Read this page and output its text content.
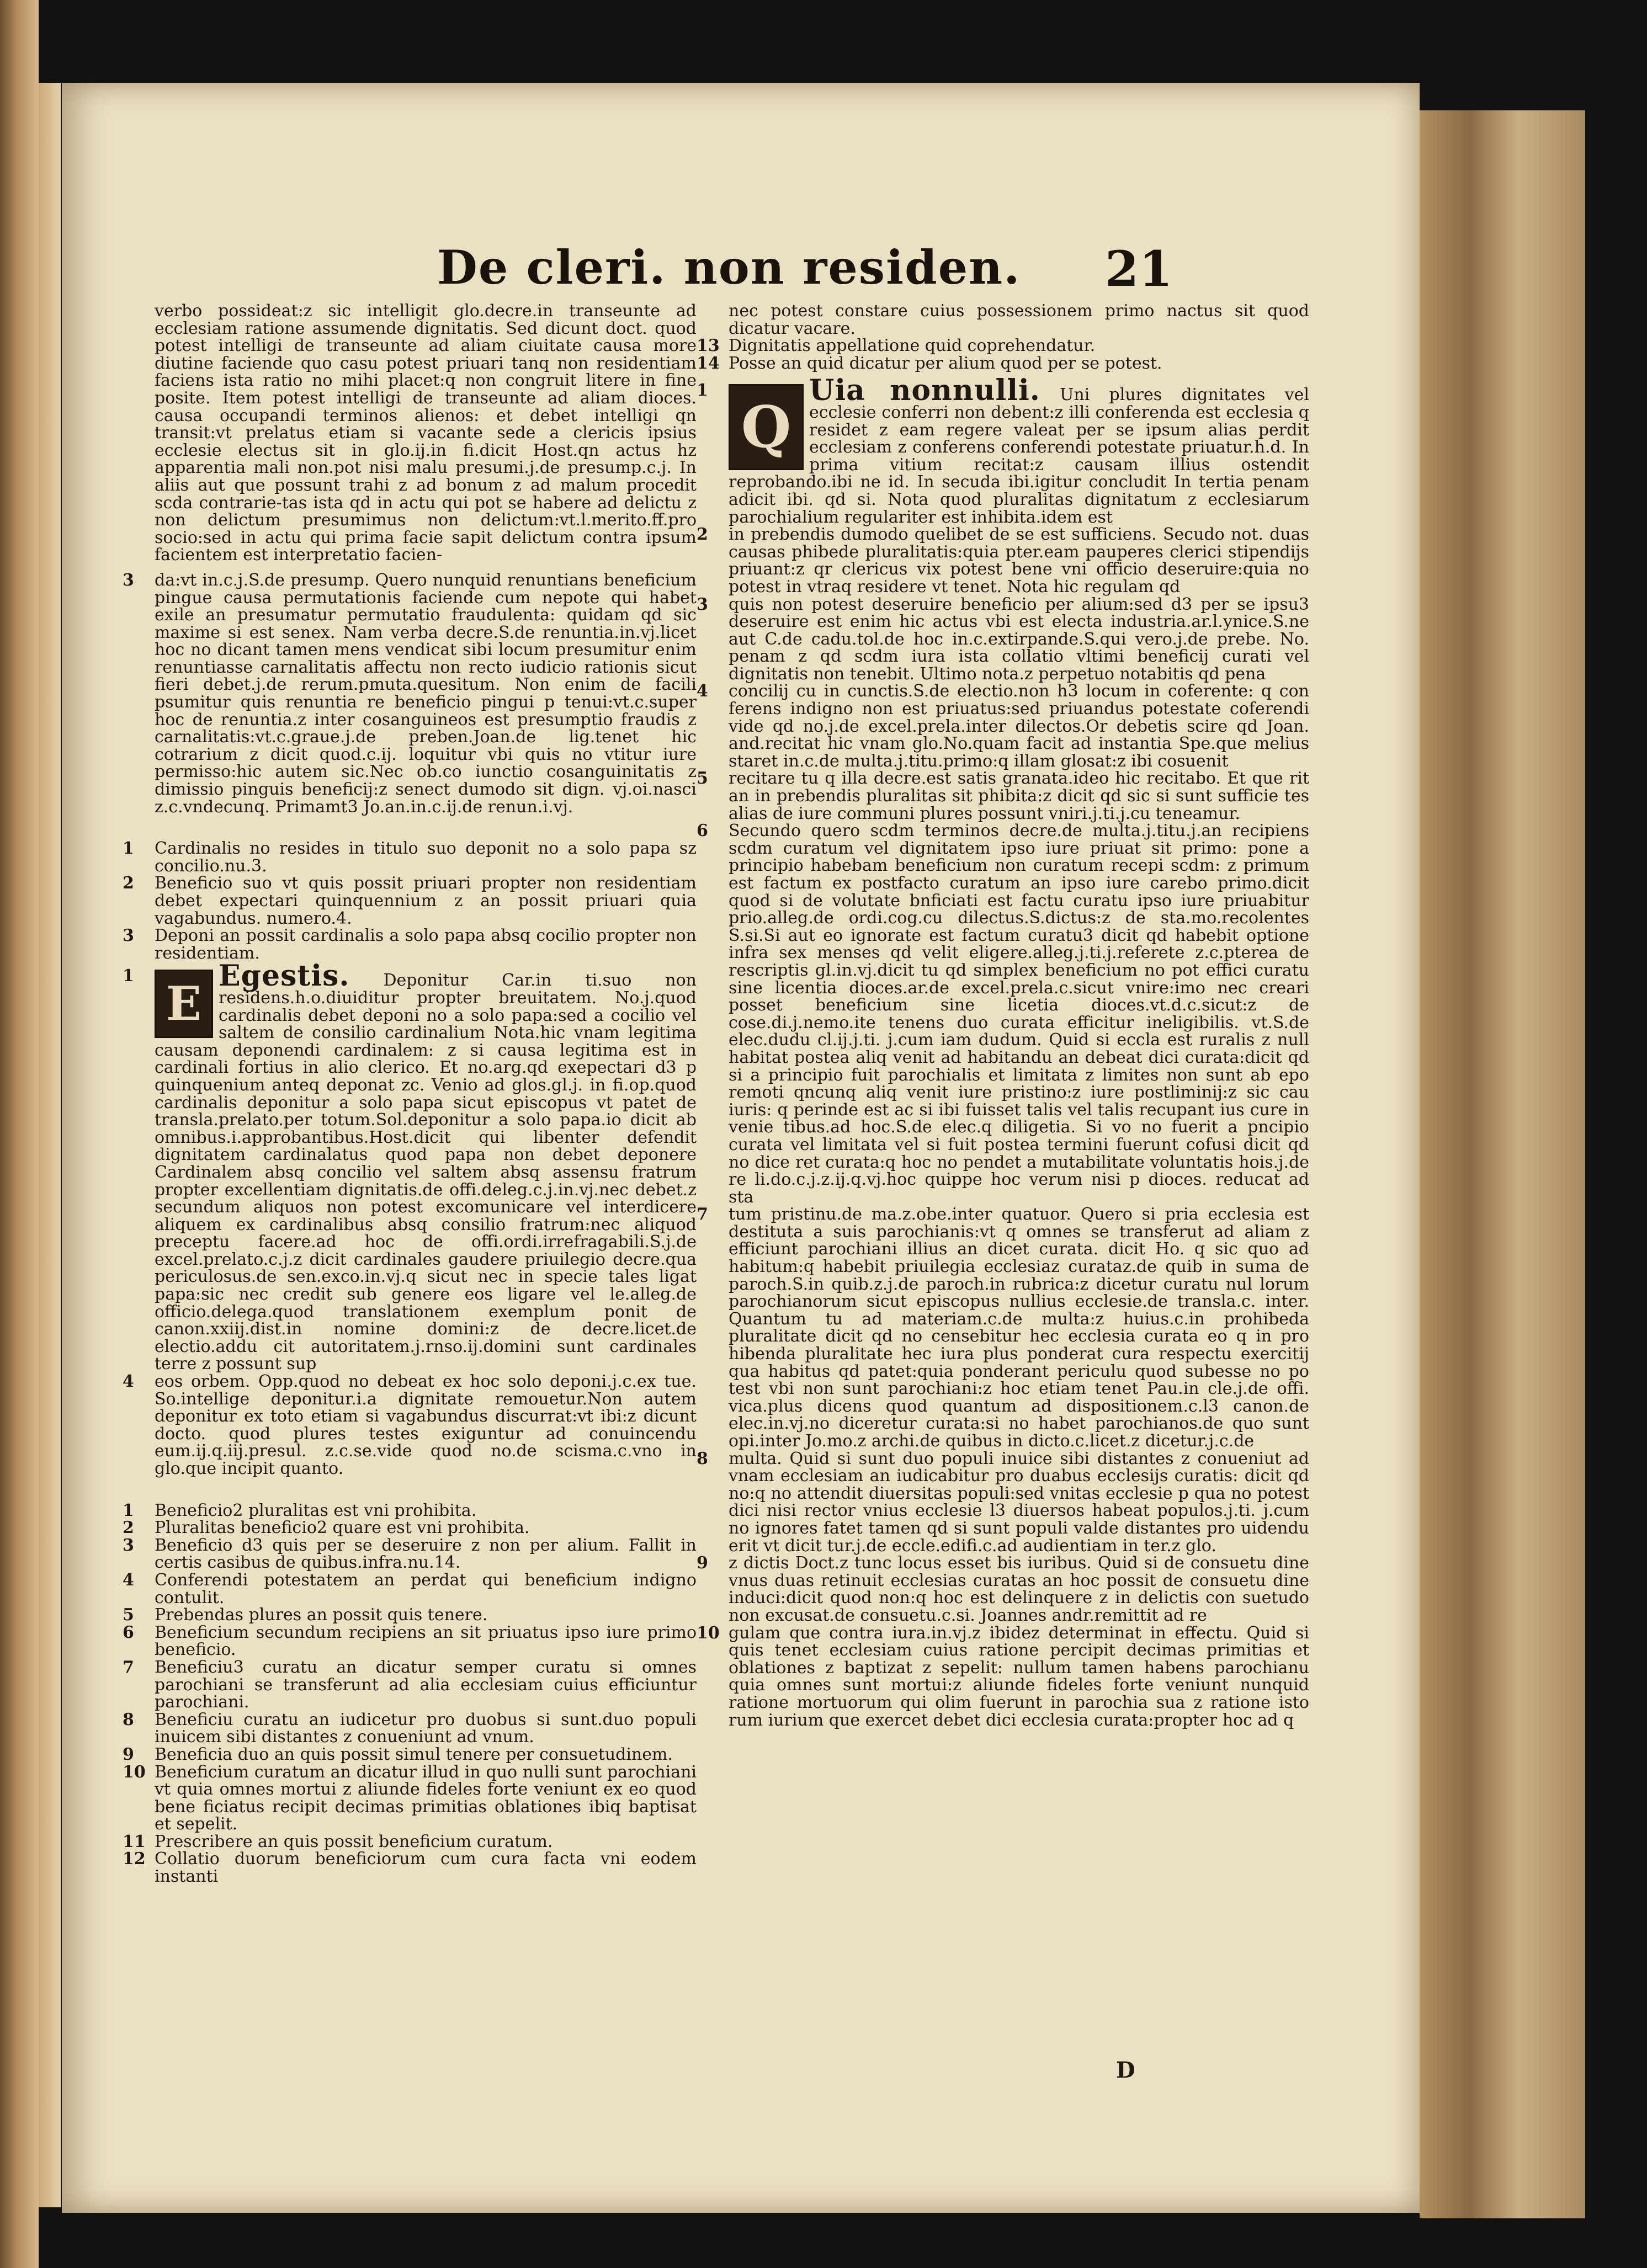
De cleri. non residen. 21
verbo possideat:z sic intelligit glo.decre.in transeunte ad ecclesiam ratione assumende dignitatis. Sed dicunt doct. quod potest intelligi de transeunte ad aliam ciuitate causa more diutine faciende quo casu potest priuari tanq non residentiam faciens ista ratio no mihi placet:q non congruit litere in fine posite. Item potest intelligi de transeunte ad aliam dioces. causa occupandi terminos alienos: et debet intelligi qn transit:vt prelatus etiam si vacante sede a clericis ipsius ecclesie electus sit in glo.ij.in fi.dicit Host.qn actus hz apparentia mali non.pot nisi malu presumi.j.de presump.c.j. In aliis aut que possunt trahi z ad bonum z ad malum procedit scda contrarie-tas ista qd in actu qui pot se habere ad delictu z non delictum presumimus non delictum:vt.l.merito.ff.pro socio:sed in actu qui prima facie sapit delictum contra ipsum facientem est interpretatio facien-
3	da:vt in.c.j.S.de presump. Quero nunquid renuntians beneficium pingue causa permutationis faciende cum nepote qui habet exile an presumatur permutatio fraudulenta: quidam qd sic maxime si est senex. Nam verba decre.S.de renuntia.in.vj.licet hoc no dicant tamen mens vendicat sibi locum presumitur enim renuntiasse carnalitatis affectu non recto iudicio rationis sicut fieri debet.j.de rerum.pmuta.quesitum. Non enim de facili psumitur quis renuntia re beneficio pingui p tenui:vt.c.super hoc de renuntia.z inter cosanguineos est presumptio fraudis z carnalitatis:vt.c.graue.j.de preben.Joan.de lig.tenet hic cotrarium z dicit quod.c.ij. loquitur vbi quis no vtitur iure permisso:hic autem sic.Nec ob.co iunctio cosanguinitatis z dimissio pinguis beneficij:z senect dumodo sit dign. vj.oi.nasci z.c.vndecunq. Primamt3 Jo.an.in.c.ij.de renun.i.vj.
1	Cardinalis no resides in titulo suo deponit no a solo papa sz concilio.nu.3.
2	Beneficio suo vt quis possit priuari propter non residentiam debet expectari quinquennium z an possit priuari quia vagabundus. numero.4.
3	Deponi an possit cardinalis a solo papa absq cocilio propter non residentiam.
1
E
Egestis. Deponitur Car.in ti.suo non residens.h.o.diuiditur propter breuitatem. No.j.quod cardinalis debet deponi no a solo papa:sed a cocilio vel saltem de consilio cardinalium Nota.hic vnam legitima causam deponendi cardinalem: z si causa legitima est in cardinali fortius in alio clerico. Et no.arg.qd exepectari d3 p quinquenium anteq deponat zc. Venio ad glos.gl.j. in fi.op.quod cardinalis deponitur a solo papa sicut episcopus vt patet de transla.prelato.per totum.Sol.deponitur a solo papa.io dicit ab omnibus.i.approbantibus.Host.dicit qui libenter defendit dignitatem cardinalatus quod papa non debet deponere Cardinalem absq concilio vel saltem absq assensu fratrum propter excellentiam dignitatis.de offi.deleg.c.j.in.vj.nec debet.z secundum aliquos non potest excomunicare vel interdicere aliquem ex cardinalibus absq consilio fratrum:nec aliquod preceptu facere.ad hoc de offi.ordi.irrefragabili.S.j.de excel.prelato.c.j.z dicit cardinales gaudere priuilegio decre.qua periculosus.de sen.exco.in.vj.q sicut nec in specie tales ligat papa:sic nec credit sub genere eos ligare vel le.alleg.de officio.delega.quod translationem exemplum ponit de canon.xxiij.dist.in nomine domini:z de decre.licet.de electio.addu cit autoritatem.j.rnso.ij.domini sunt cardinales terre z possunt sup
4	eos orbem. Opp.quod no debeat ex hoc solo deponi.j.c.ex tue. So.intellige deponitur.i.a dignitate remouetur.Non autem deponitur ex toto etiam si vagabundus discurrat:vt ibi:z dicunt docto. quod plures testes exiguntur ad conuincendu eum.ij.q.iij.presul. z.c.se.vide quod no.de scisma.c.vno in glo.que incipit quanto.
1	Beneficio2 pluralitas est vni prohibita.
2	Pluralitas beneficio2 quare est vni prohibita.
3	Beneficio d3 quis per se deseruire z non per alium. Fallit in certis casibus de quibus.infra.nu.14.
4	Conferendi potestatem an perdat qui beneficium indigno contulit.
5	Prebendas plures an possit quis tenere.
6	Beneficium secundum recipiens an sit priuatus ipso iure primo beneficio.
7	Beneficiu3 curatu an dicatur semper curatu si omnes parochiani se transferunt ad alia ecclesiam cuius efficiuntur parochiani.
8	Beneficiu curatu an iudicetur pro duobus si sunt.duo populi inuicem sibi distantes z conueniunt ad vnum.
9	Beneficia duo an quis possit simul tenere per consuetudinem.
10 Beneficium curatum an dicatur illud in quo nulli sunt parochiani vt quia omnes mortui z aliunde fideles forte veniunt ex eo quod bene ficiatus recipit decimas primitias oblationes ibiq baptisat et sepelit.
11 Prescribere an quis possit beneficium curatum.
12 Collatio duorum beneficiorum cum cura facta vni eodem instanti
nec potest constare cuius possessionem primo nactus sit quod dicatur vacare.
13 Dignitatis appellatione quid coprehendatur.
14 Posse an quid dicatur per alium quod per se potest.
1
Q
Uia nonnulli. Uni plures dignitates vel ecclesie conferri non debent:z illi conferenda est ecclesia q residet z eam regere valeat per se ipsum alias perdit ecclesiam z conferens conferendi potestate priuatur.h.d. In prima vitium recitat:z causam illius ostendit reprobando.ibi ne id. In secuda ibi.igitur concludit In tertia penam adicit ibi. qd si. Nota quod pluralitas dignitatum z ecclesiarum parochialium regulariter est inhibita.idem est
2	in prebendis dumodo quelibet de se est sufficiens. Secudo not. duas causas phibede pluralitatis:quia pter.eam pauperes clerici stipendijs priuant:z qr clericus vix potest bene vni officio deseruire:quia no potest in vtraq residere vt tenet. Nota hic regulam qd
3	quis non potest deseruire beneficio per alium:sed d3 per se ipsu3 deseruire est enim hic actus vbi est electa industria.ar.l.ynice.S.ne aut C.de cadu.tol.de hoc in.c.extirpande.S.qui vero.j.de prebe. No. penam z qd scdm iura ista collatio vltimi beneficij curati vel dignitatis non tenebit. Ultimo nota.z perpetuo notabitis qd pena
4	concilij cu in cunctis.S.de electio.non h3 locum in coferente: q con ferens indigno non est priuatus:sed priuandus potestate coferendi vide qd no.j.de excel.prela.inter dilectos.Or debetis scire qd Joan. and.recitat hic vnam glo.No.quam facit ad instantia Spe.que melius staret in.c.de multa.j.titu.primo:q illam glosat:z ibi cosuenit
5	recitare tu q illa decre.est satis granata.ideo hic recitabo. Et que rit an in prebendis pluralitas sit phibita:z dicit qd sic si sunt sufficie tes alias de iure communi plures possunt vniri.j.ti.j.cu teneamur.
6	Secundo quero scdm terminos decre.de multa.j.titu.j.an recipiens scdm curatum vel dignitatem ipso iure priuat sit primo: pone a principio habebam beneficium non curatum recepi scdm: z primum est factum ex postfacto curatum an ipso iure carebo primo.dicit quod si de volutate bnficiati est factu curatu ipso iure priuabitur prio.alleg.de ordi.cog.cu dilectus.S.dictus:z de sta.mo.recolentes S.si.Si aut eo ignorate est factum curatu3 dicit qd habebit optione infra sex menses qd velit eligere.alleg.j.ti.j.referete z.c.ptereа de rescriptis gl.in.vj.dicit tu qd simplex beneficium no pot effici curatu sine licentia dioces.ar.de excel.prela.c.sicut vnire:imo nec creari posset beneficium sine licetia dioces.vt.d.c.sicut:z de cose.di.j.nemo.ite tenens duo curata efficitur ineligibilis. vt.S.de elec.dudu cl.ij.j.ti. j.cum iam dudum. Quid si eccla est ruralis z null habitat postea aliq venit ad habitandu an debeat dici curata:dicit qd si a principio fuit parochialis et limitata z limites non sunt ab epo remoti qncunq aliq venit iure pristino:z iure postliminij:z sic cau iuris: q perinde est ac si ibi fuisset talis vel talis recupant ius cure in venie tibus.ad hoc.S.de elec.q diligetia. Si vo no fuerit a pncipio curata vel limitata vel si fuit postea termini fuerunt cofusi dicit qd no dice ret curata:q hoc no pendet a mutabilitate voluntatis hois.j.de re li.do.c.j.z.ij.q.vj.hoc quippe hoc verum nisi p dioces. reducat ad sta
7	tum pristinu.de ma.z.obe.inter quatuor. Quero si pria ecclesia est destituta a suis parochianis:vt q omnes se transferut ad aliam z efficiunt parochiani illius an dicet curata. dicit Ho. q sic quo ad habitum:q habebit priuilegia ecclesiaz curataz.de quib in suma de paroch.S.in quib.z.j.de paroch.in rubrica:z dicetur curatu nul lorum parochianorum sicut episcopus nullius ecclesie.de transla.c. inter. Quantum tu ad materiam.c.de multa:z huius.c.in prohibeda pluralitate dicit qd no censebitur hec ecclesia curata eo q in pro hibenda pluralitate hec iura plus ponderat cura respectu exercitij qua habitus qd patet:quia ponderant periculu quod subesse no po test vbi non sunt parochiani:z hoc etiam tenet Pau.in cle.j.de offi. vica.plus dicens quod quantum ad dispositionem.c.l3 canon.de elec.in.vj.no diceretur curata:si no habet parochianos.de quo sunt opi.inter Jo.mo.z archi.de quibus in dicto.c.licet.z dicetur.j.c.de
8	multa. Quid si sunt duo populi inuice sibi distantes z conueniut ad vnam ecclesiam an iudicabitur pro duabus ecclesijs curatis: dicit qd no:q no attendit diuersitas populi:sed vnitas ecclesie p qua no potest dici nisi rector vnius ecclesie l3 diuersos habeat populos.j.ti. j.cum no ignores fatet tamen qd si sunt populi valde distantes pro uidendu erit vt dicit tur.j.de eccle.edifi.c.ad audientiam in ter.z glo.
9	z dictis Doct.z tunc locus esset bis iuribus. Quid si de consuetu dine vnus duas retinuit ecclesias curatas an hoc possit de consuetu dine induci:dicit quod non:q hoc est delinquere z in delictis con suetudo non excusat.de consuetu.c.si. Joannes andr.remittit ad re
10 gulam que contra iura.in.vj.z ibidez determinat in effectu. Quid si quis tenet ecclesiam cuius ratione percipit decimas primitias et oblationes z baptizat z sepelit: nullum tamen habens parochianu quia omnes sunt mortui:z aliunde fideles forte veniunt nunquid ratione mortuorum qui olim fuerunt in parochia sua z ratione isto rum iurium que exercet debet dici ecclesia curata:propter hoc ad q
D
